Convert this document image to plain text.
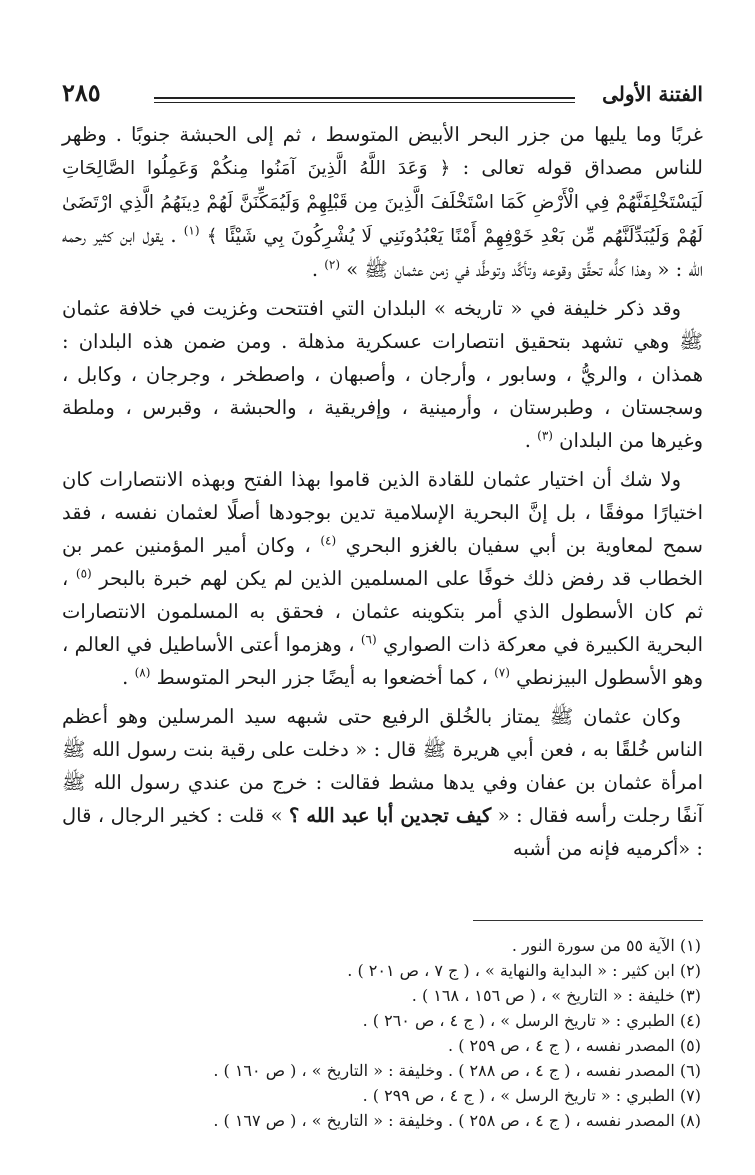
الفتنة الأولى
٢٨٥

غربًا وما يليها من جزر البحر الأبيض المتوسط ، ثم إلى الحبشة جنوبًا . وظهر للناس مصداق قوله تعالى : ﴿ وَعَدَ اللَّهُ الَّذِينَ آمَنُوا مِنكُمْ وَعَمِلُوا الصَّالِحَاتِ لَيَسْتَخْلِفَنَّهُمْ فِي الْأَرْضِ كَمَا اسْتَخْلَفَ الَّذِينَ مِن قَبْلِهِمْ وَلَيُمَكِّنَنَّ لَهُمْ دِينَهُمُ الَّذِي ارْتَضَىٰ لَهُمْ وَلَيُبَدِّلَنَّهُم مِّن بَعْدِ خَوْفِهِمْ أَمْنًا يَعْبُدُونَنِي لَا يُشْرِكُونَ بِي شَيْئًا ﴾ $^{(١)}$ . يقول ابن كثير رحمه الله : « وهذا كلُّه تحقَّق وقوعه وتأكَّد وتوطَّد في زمن عثمان ﷺ » $^{(٢)}$ .

وقد ذكر خليفة في « تاريخه » البلدان التي افتتحت وغزيت في خلافة عثمان ﷺ وهي تشهد بتحقيق انتصارات عسكرية مذهلة . ومن ضمن هذه البلدان : همذان ، والريُّ ، وسابور ، وأرجان ، وأصبهان ، واصطخر ، وجرجان ، وكابل ، وسجستان ، وطبرستان ، وأرمينية ، وإفريقية ، والحبشة ، وقبرس ، وملطة وغيرها من البلدان $^{(٣)}$ .

ولا شك أن اختيار عثمان للقادة الذين قاموا بهذا الفتح وبهذه الانتصارات كان اختيارًا موفقًا ، بل إنَّ البحرية الإسلامية تدين بوجودها أصلًا لعثمان نفسه ، فقد سمح لمعاوية بن أبي سفيان بالغزو البحري $^{(٤)}$ ، وكان أمير المؤمنين عمر بن الخطاب قد رفض ذلك خوفًا على المسلمين الذين لم يكن لهم خبرة بالبحر $^{(٥)}$ ، ثم كان الأسطول الذي أمر بتكوينه عثمان ، فحقق به المسلمون الانتصارات البحرية الكبيرة في معركة ذات الصواري $^{(٦)}$ ، وهزموا أعتى الأساطيل في العالم ، وهو الأسطول البيزنطي $^{(٧)}$ ، كما أخضعوا به أيضًا جزر البحر المتوسط $^{(٨)}$ .

وكان عثمان ﷺ يمتاز بالخُلق الرفيع حتى شبهه سيد المرسلين وهو أعظم الناس خُلقًا به ، فعن أبي هريرة ﷺ قال : « دخلت على رقية بنت رسول الله ﷺ امرأة عثمان بن عفان وفي يدها مشط فقالت : خرج من عندي رسول الله ﷺ آنفًا رجلت رأسه فقال : « كيف تجدين أبا عبد الله ؟ » قلت : كخير الرجال ، قال : «أكرميه فإنه من أشبه

(١) الآية ٥٥ من سورة النور .

(٢) ابن كثير : « البداية والنهاية » ، ( ج ٧ ، ص ٢٠١ ) .

(٣) خليفة : « التاريخ » ، ( ص ١٥٦ ، ١٦٨ ) .

(٤) الطبري : « تاريخ الرسل » ، ( ج ٤ ، ص ٢٦٠ ) .

(٥) المصدر نفسه ، ( ج ٤ ، ص ٢٥٩ ) .

(٦) المصدر نفسه ، ( ج ٤ ، ص ٢٨٨ ) . وخليفة : « التاريخ » ، ( ص ١٦٠ ) .

(٧) الطبري : « تاريخ الرسل » ، ( ج ٤ ، ص ٢٩٩ ) .

(٨) المصدر نفسه ، ( ج ٤ ، ص ٢٥٨ ) . وخليفة : « التاريخ » ، ( ص ١٦٧ ) .
